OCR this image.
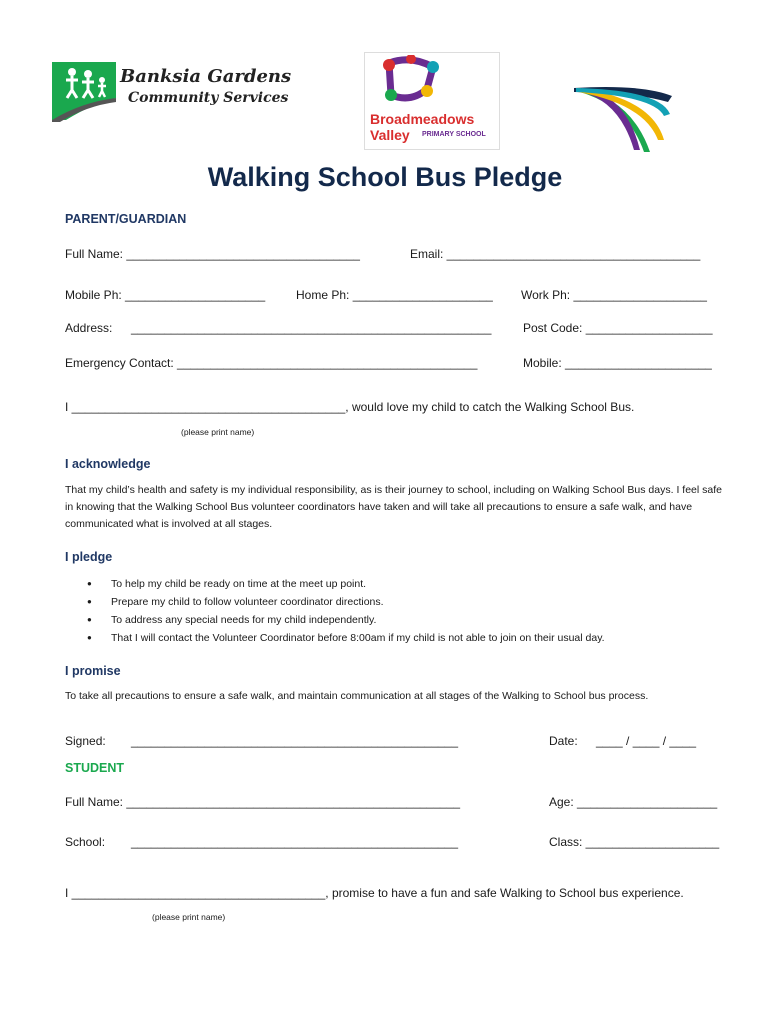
Banksia Gardens
Community Services
Broadmeadows
Valley PRIMARY SCHOOL
Walking School Bus Pledge
PARENT/GUARDIAN
Full Name: ___________________________________	Email: ______________________________________
Mobile Ph: _____________________	Home Ph: _____________________ Work Ph: ____________________
Address: ______________________________________________________	Post Code: ___________________
Emergency Contact: _____________________________________________	Mobile: ______________________
I _________________________________________, would love my child to catch the Walking School Bus.
(please print name)
I acknowledge
That my child’s health and safety is my individual responsibility, as is their journey to school, including on Walking School Bus days. I feel safe in knowing that the Walking School Bus volunteer coordinators have taken and will take all precautions to ensure a safe walk, and have communicated what is involved at all stages.
I pledge
● To help my child be ready on time at the meet up point.
● Prepare my child to follow volunteer coordinator directions.
● To address any special needs for my child independently.
● That I will contact the Volunteer Coordinator before 8:00am if my child is not able to join on their usual day.
I promise
To take all precautions to ensure a safe walk, and maintain communication at all stages of the Walking to School bus process.
Signed: _________________________________________________	Date: ____ / ____ / ____
STUDENT
Full Name: __________________________________________________	Age: _____________________
School: _________________________________________________	Class: ____________________
I ______________________________________, promise to have a fun and safe Walking to School bus experience.
(please print name)
